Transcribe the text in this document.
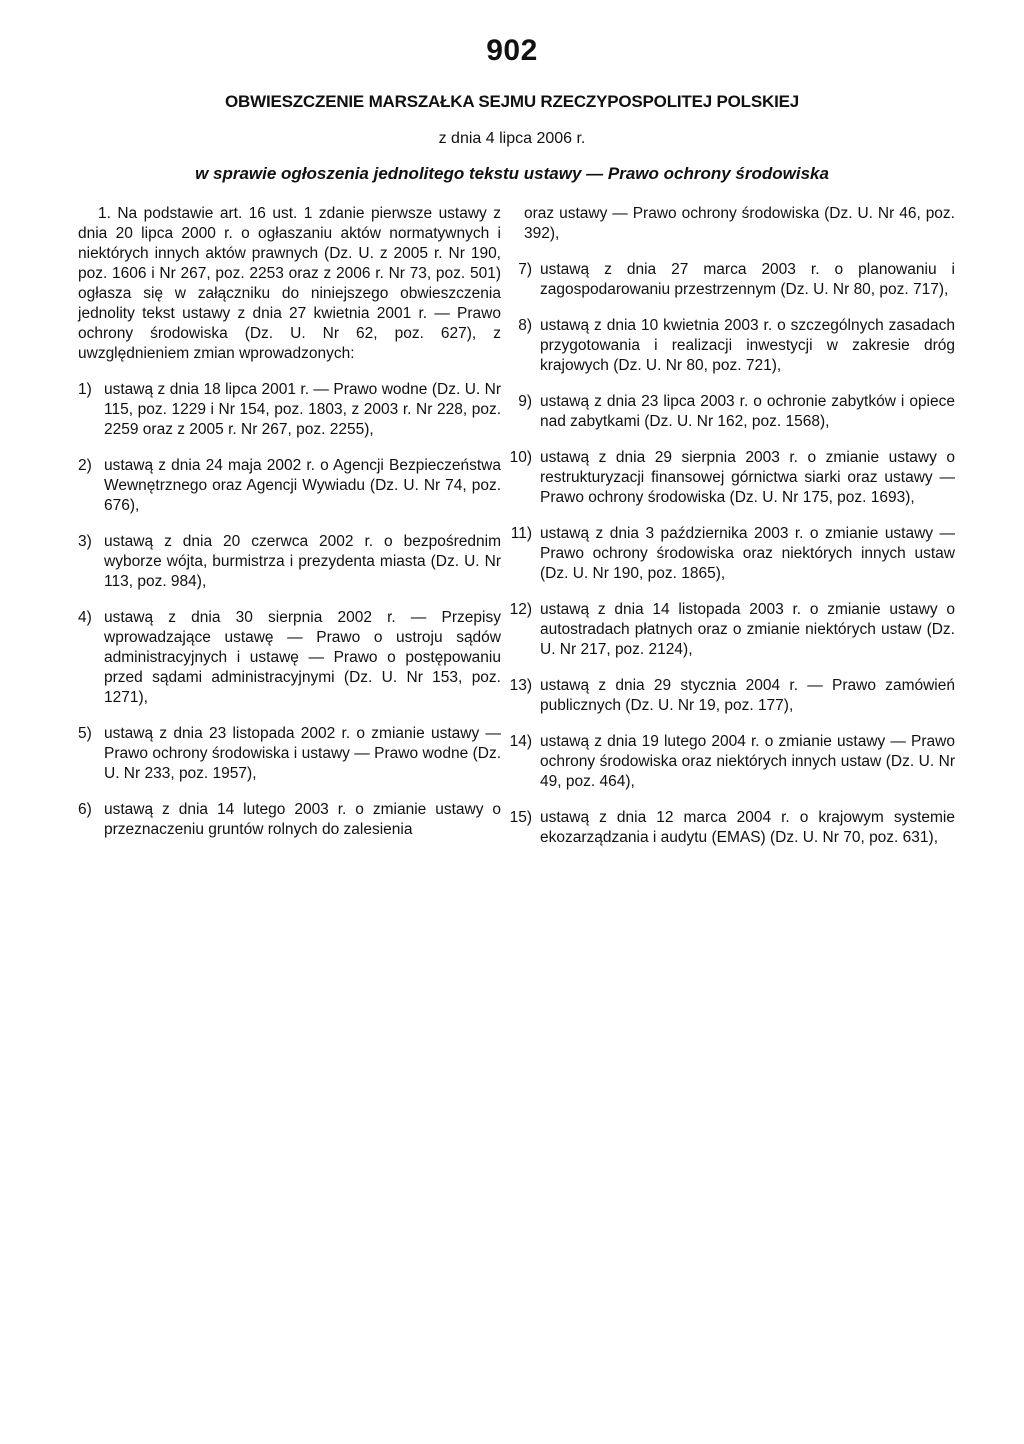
902
OBWIESZCZENIE MARSZAŁKA SEJMU RZECZYPOSPOLITEJ POLSKIEJ
z dnia 4 lipca 2006 r.
w sprawie ogłoszenia jednolitego tekstu ustawy — Prawo ochrony środowiska

1. Na podstawie art. 16 ust. 1 zdanie pierwsze ustawy z dnia 20 lipca 2000 r. o ogłaszaniu aktów normatywnych i niektórych innych aktów prawnych (Dz. U. z 2005 r. Nr 190, poz. 1606 i Nr 267, poz. 2253 oraz z 2006 r. Nr 73, poz. 501) ogłasza się w załączniku do niniejszego obwieszczenia jednolity tekst ustawy z dnia 27 kwietnia 2001 r. — Prawo ochrony środowiska (Dz. U. Nr 62, poz. 627), z uwzględnieniem zmian wprowadzonych:

1) ustawą z dnia 18 lipca 2001 r. — Prawo wodne (Dz. U. Nr 115, poz. 1229 i Nr 154, poz. 1803, z 2003 r. Nr 228, poz. 2259 oraz z 2005 r. Nr 267, poz. 2255),
2) ustawą z dnia 24 maja 2002 r. o Agencji Bezpieczeństwa Wewnętrznego oraz Agencji Wywiadu (Dz. U. Nr 74, poz. 676),
3) ustawą z dnia 20 czerwca 2002 r. o bezpośrednim wyborze wójta, burmistrza i prezydenta miasta (Dz. U. Nr 113, poz. 984),
4) ustawą z dnia 30 sierpnia 2002 r. — Przepisy wprowadzające ustawę — Prawo o ustroju sądów administracyjnych i ustawę — Prawo o postępowaniu przed sądami administracyjnymi (Dz. U. Nr 153, poz. 1271),
5) ustawą z dnia 23 listopada 2002 r. o zmianie ustawy — Prawo ochrony środowiska i ustawy — Prawo wodne (Dz. U. Nr 233, poz. 1957),
6) ustawą z dnia 14 lutego 2003 r. o zmianie ustawy o przeznaczeniu gruntów rolnych do zalesienia

oraz ustawy — Prawo ochrony środowiska (Dz. U. Nr 46, poz. 392),

7) ustawą z dnia 27 marca 2003 r. o planowaniu i zagospodarowaniu przestrzennym (Dz. U. Nr 80, poz. 717),
8) ustawą z dnia 10 kwietnia 2003 r. o szczególnych zasadach przygotowania i realizacji inwestycji w zakresie dróg krajowych (Dz. U. Nr 80, poz. 721),
9) ustawą z dnia 23 lipca 2003 r. o ochronie zabytków i opiece nad zabytkami (Dz. U. Nr 162, poz. 1568),
10) ustawą z dnia 29 sierpnia 2003 r. o zmianie ustawy o restrukturyzacji finansowej górnictwa siarki oraz ustawy — Prawo ochrony środowiska (Dz. U. Nr 175, poz. 1693),
11) ustawą z dnia 3 października 2003 r. o zmianie ustawy — Prawo ochrony środowiska oraz niektórych innych ustaw (Dz. U. Nr 190, poz. 1865),
12) ustawą z dnia 14 listopada 2003 r. o zmianie ustawy o autostradach płatnych oraz o zmianie niektórych ustaw (Dz. U. Nr 217, poz. 2124),
13) ustawą z dnia 29 stycznia 2004 r. — Prawo zamówień publicznych (Dz. U. Nr 19, poz. 177),
14) ustawą z dnia 19 lutego 2004 r. o zmianie ustawy — Prawo ochrony środowiska oraz niektórych innych ustaw (Dz. U. Nr 49, poz. 464),
15) ustawą z dnia 12 marca 2004 r. o krajowym systemie ekozarządzania i audytu (EMAS) (Dz. U. Nr 70, poz. 631),
